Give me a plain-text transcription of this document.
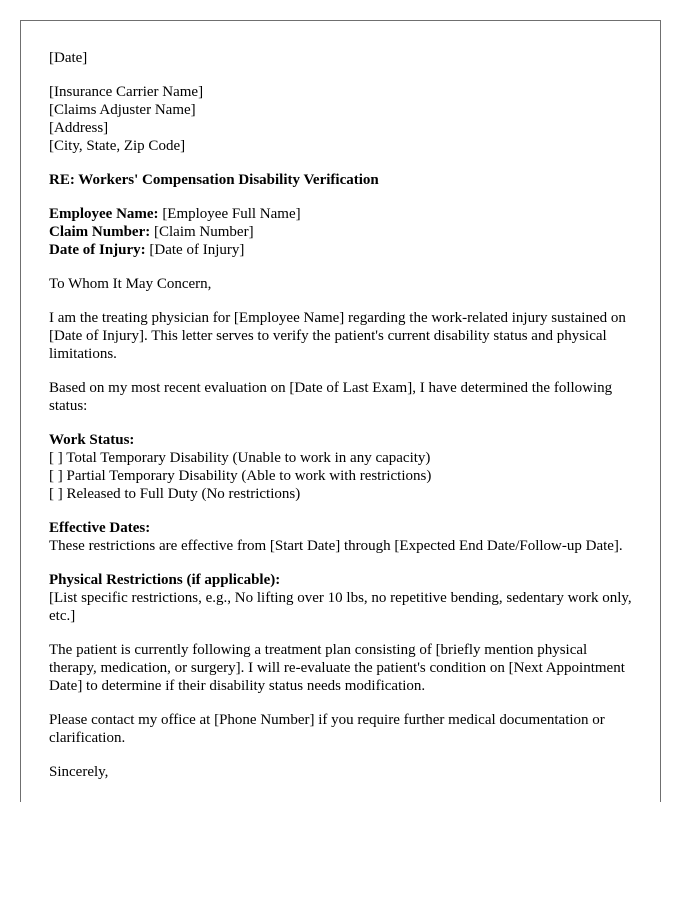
[Date]
[Insurance Carrier Name]
[Claims Adjuster Name]
[Address]
[City, State, Zip Code]
RE: Workers' Compensation Disability Verification
Employee Name: [Employee Full Name]
Claim Number: [Claim Number]
Date of Injury: [Date of Injury]
To Whom It May Concern,
I am the treating physician for [Employee Name] regarding the work-related injury sustained on [Date of Injury]. This letter serves to verify the patient's current disability status and physical limitations.
Based on my most recent evaluation on [Date of Last Exam], I have determined the following status:
Work Status:
[ ] Total Temporary Disability (Unable to work in any capacity)
[ ] Partial Temporary Disability (Able to work with restrictions)
[ ] Released to Full Duty (No restrictions)
Effective Dates:
These restrictions are effective from [Start Date] through [Expected End Date/Follow-up Date].
Physical Restrictions (if applicable):
[List specific restrictions, e.g., No lifting over 10 lbs, no repetitive bending, sedentary work only, etc.]
The patient is currently following a treatment plan consisting of [briefly mention physical therapy, medication, or surgery]. I will re-evaluate the patient's condition on [Next Appointment Date] to determine if their disability status needs modification.
Please contact my office at [Phone Number] if you require further medical documentation or clarification.
Sincerely,
